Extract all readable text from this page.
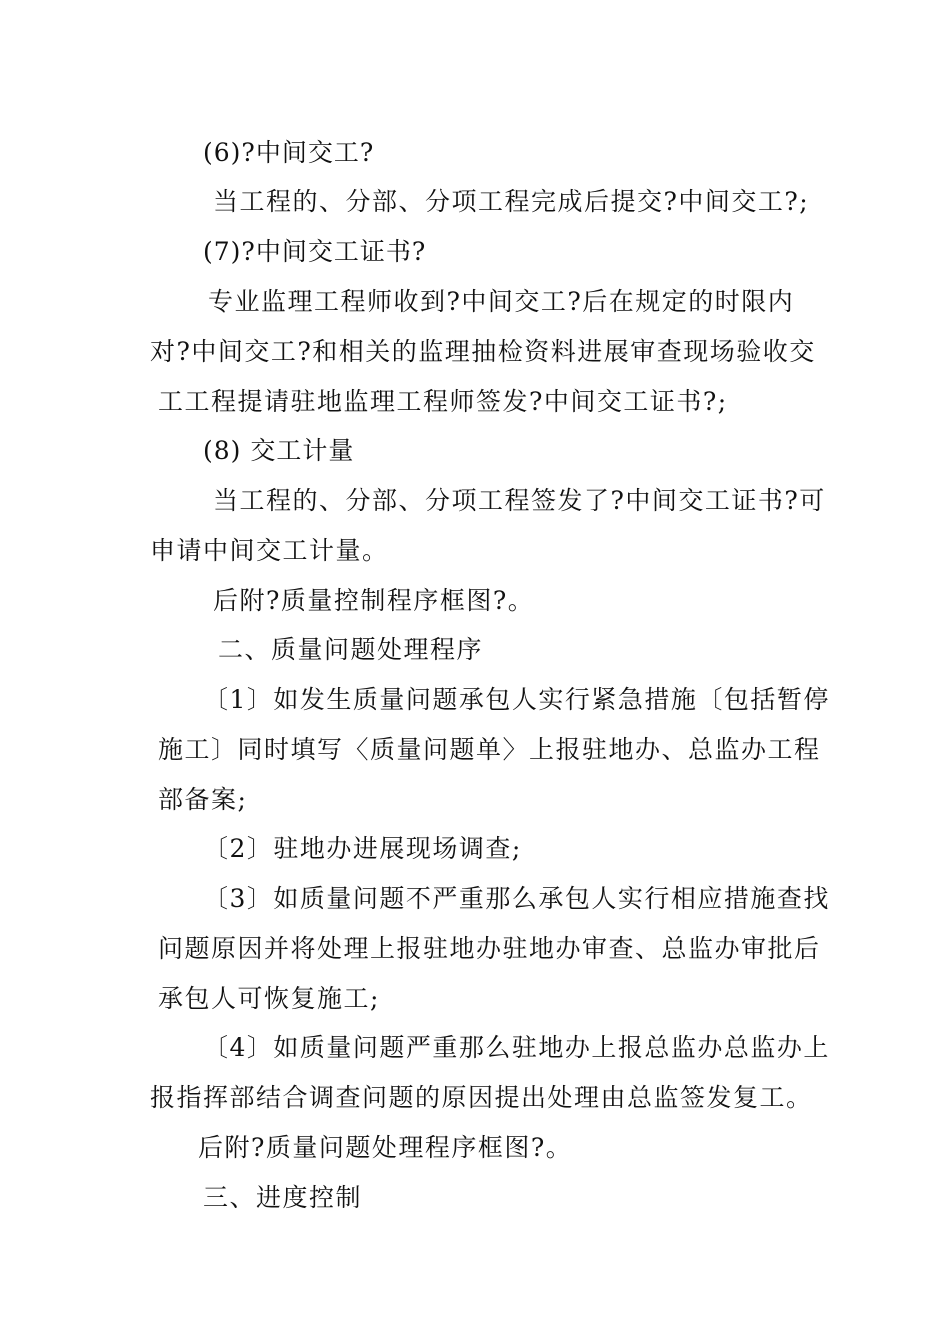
(6)?中间交工?
当工程的、分部、分项工程完成后提交?中间交工?;
(7)?中间交工证书?
专业监理工程师收到?中间交工?后在规定的时限内
对?中间交工?和相关的监理抽检资料进展审查现场验收交
工工程提请驻地监理工程师签发?中间交工证书?;
(8) 交工计量
当工程的、分部、分项工程签发了?中间交工证书?可
申请中间交工计量。
后附?质量控制程序框图?。
二、质量问题处理程序
〔1〕如发生质量问题承包人实行紧急措施〔包括暂停
施工〕同时填写〈质量问题单〉上报驻地办、总监办工程
部备案;
〔2〕驻地办进展现场调查;
〔3〕如质量问题不严重那么承包人实行相应措施查找
问题原因并将处理上报驻地办驻地办审查、总监办审批后
承包人可恢复施工;
〔4〕如质量问题严重那么驻地办上报总监办总监办上
报指挥部结合调查问题的原因提出处理由总监签发复工。
后附?质量问题处理程序框图?。
三、进度控制
